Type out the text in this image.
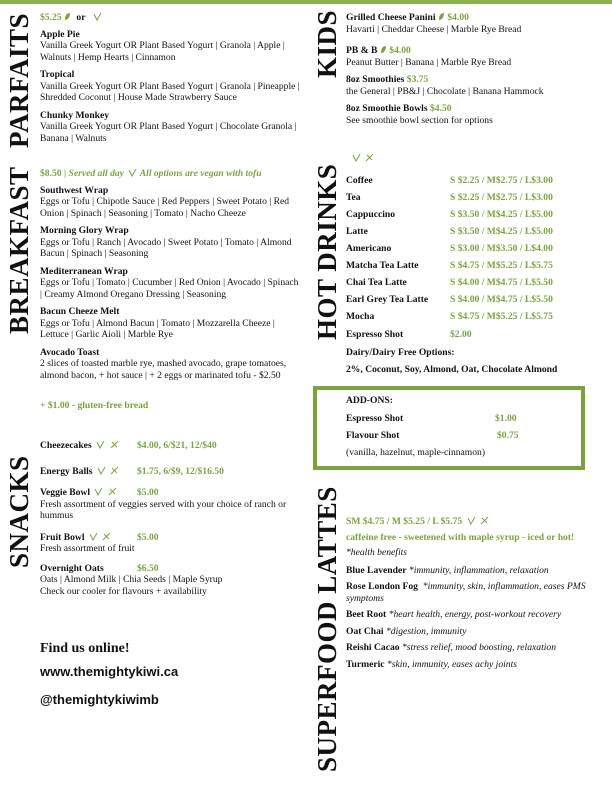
PARFAITS
BREAKFAST
SNACKS
$5.25 or
Apple Pie
Vanilla Greek Yogurt OR Plant Based Yogurt | Granola | Apple | Walnuts | Hemp Hearts | Cinnamon
Tropical
Vanilla Greek Yogurt OR Plant Based Yogurt | Granola | Pineapple | Shredded Coconut | House Made Strawberry Sauce
Chunky Monkey
Vanilla Greek Yogurt OR Plant Based Yogurt | Chocolate Granola | Banana | Walnuts
$8.50 | Served all day All options are vegan with tofu
Southwest Wrap
Eggs or Tofu | Chipotle Sauce | Red Peppers | Sweet Potato | Red Onion | Spinach | Seasoning | Tomato | Nacho Cheeze
Morning Glory Wrap
Eggs or Tofu | Ranch | Avocado | Sweet Potato | Tomato | Almond Bacun | Spinach | Seasoning
Mediterranean Wrap
Eggs or Tofu | Tomato | Cucumber | Red Onion | Avocado | Spinach | Creamy Almond Oregano Dressing | Seasoning
Bacun Cheeze Melt
Eggs or Tofu | Almond Bacun | Tomato | Mozzarella Cheeze | Lettuce | Garlic Aioli | Marble Rye
Avocado Toast
2 slices of toasted marble rye, mashed avocado, grape tomatoes, almond bacon, + hot sauce | + 2 eggs or marinated tofu - $2.50
+ $1.00 - gluten-free bread
Cheezecakes	$4.00, 6/$21, 12/$40
Energy Balls	$1.75, 6/$9, 12/$16.50
Veggie Bowl	$5.00
Fresh assortment of veggies served with your choice of ranch or hummus
Fruit Bowl	$5.00
Fresh assortment of fruit
Overnight Oats	$6.50
Oats | Almond Milk | Chia Seeds | Maple Syrup
Check our cooler for flavours + availability
Find us online!
www.themightykiwi.ca
@themightykiwimb
KIDS
HOT DRINKS
SUPERFOOD LATTES
Grilled Cheese Panini $4.00
Havarti | Cheddar Cheese | Marble Rye Bread
PB & B $4.00
Peanut Butter | Banana | Marble Rye Bread
8oz Smoothies $3.75
the General | PB&J | Chocolate | Banana Hammock
8oz Smoothie Bowls $4.50
See smoothie bowl section for options

Coffee	S $2.25 / M$2.75 / L$3.00
Tea	S $2.25 / M$2.75 / L$3.00
Cappuccino	S $3.50 / M$4.25 / L$5.00
Latte	S $3.50 / M$4.25 / L$5.00
Americano	S $3.00 / M$3.50 / L$4.00
Matcha Tea Latte	S $4.75 / M$5.25 / L$5.75
Chai Tea Latte	S $4.00 / M$4.75 / L$5.50
Earl Grey Tea Latte S $4.00 / M$4.75 / L$5.50
Mocha	S $4.75 / M$5.25 / L$5.75
Espresso Shot	$2.00
Dairy/Dairy Free Options:
2%, Coconut, Soy, Almond, Oat, Chocolate Almond
ADD-ONS:
Espresso Shot	$1.00
Flavour Shot	$0.75
(vanilla, hazelnut, maple-cinnamon)
SM $4.75 / M $5.25 / L $5.75
caffeine free - sweetened with maple syrup - iced or hot!
*health benefits
Blue Lavender *immunity, inflammation, relaxation
Rose London Fog *immunity, skin, inflammation, eases PMS symptoms
Beet Root *heart health, energy, post-workout recovery
Oat Chai *digestion, immunity
Reishi Cacao *stress relief, mood boosting, relaxation
Turmeric *skin, immunity, eases achy joints
